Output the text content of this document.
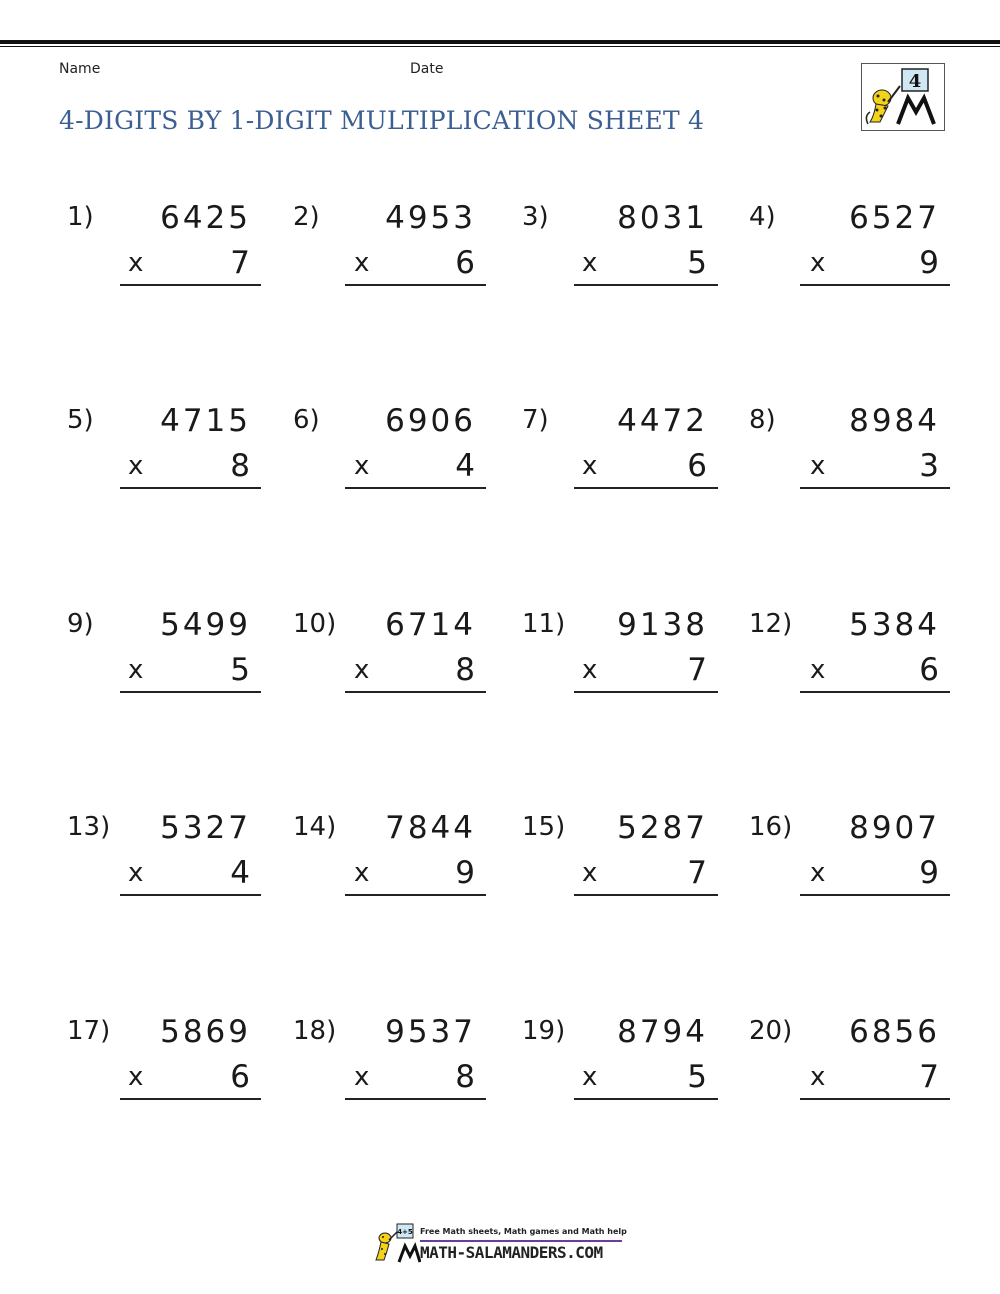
Name	Date
4-DIGITS BY 1-DIGIT MULTIPLICATION SHEET 4
4
1)	6425
x	7
2)	4953
x	6
3)	8031
x	5
4)	6527
x	9
5)	4715
x	8
6)	6906
x	4
7)	4472
x	6
8)	8984
x	3
9)	5499
x	5
10)	6714
x	8
11)	9138
x	7
12)	5384
x	6
13)	5327
x	4
14)	7844
x	9
15)	5287
x	7
16)	8907
x	9
17)	5869
x	6
18)	9537
x	8
19)	8794
x	5
20)	6856
x	7
4+5 Free Math sheets, Math games and Math help
MATH-SALAMANDERS.COM
